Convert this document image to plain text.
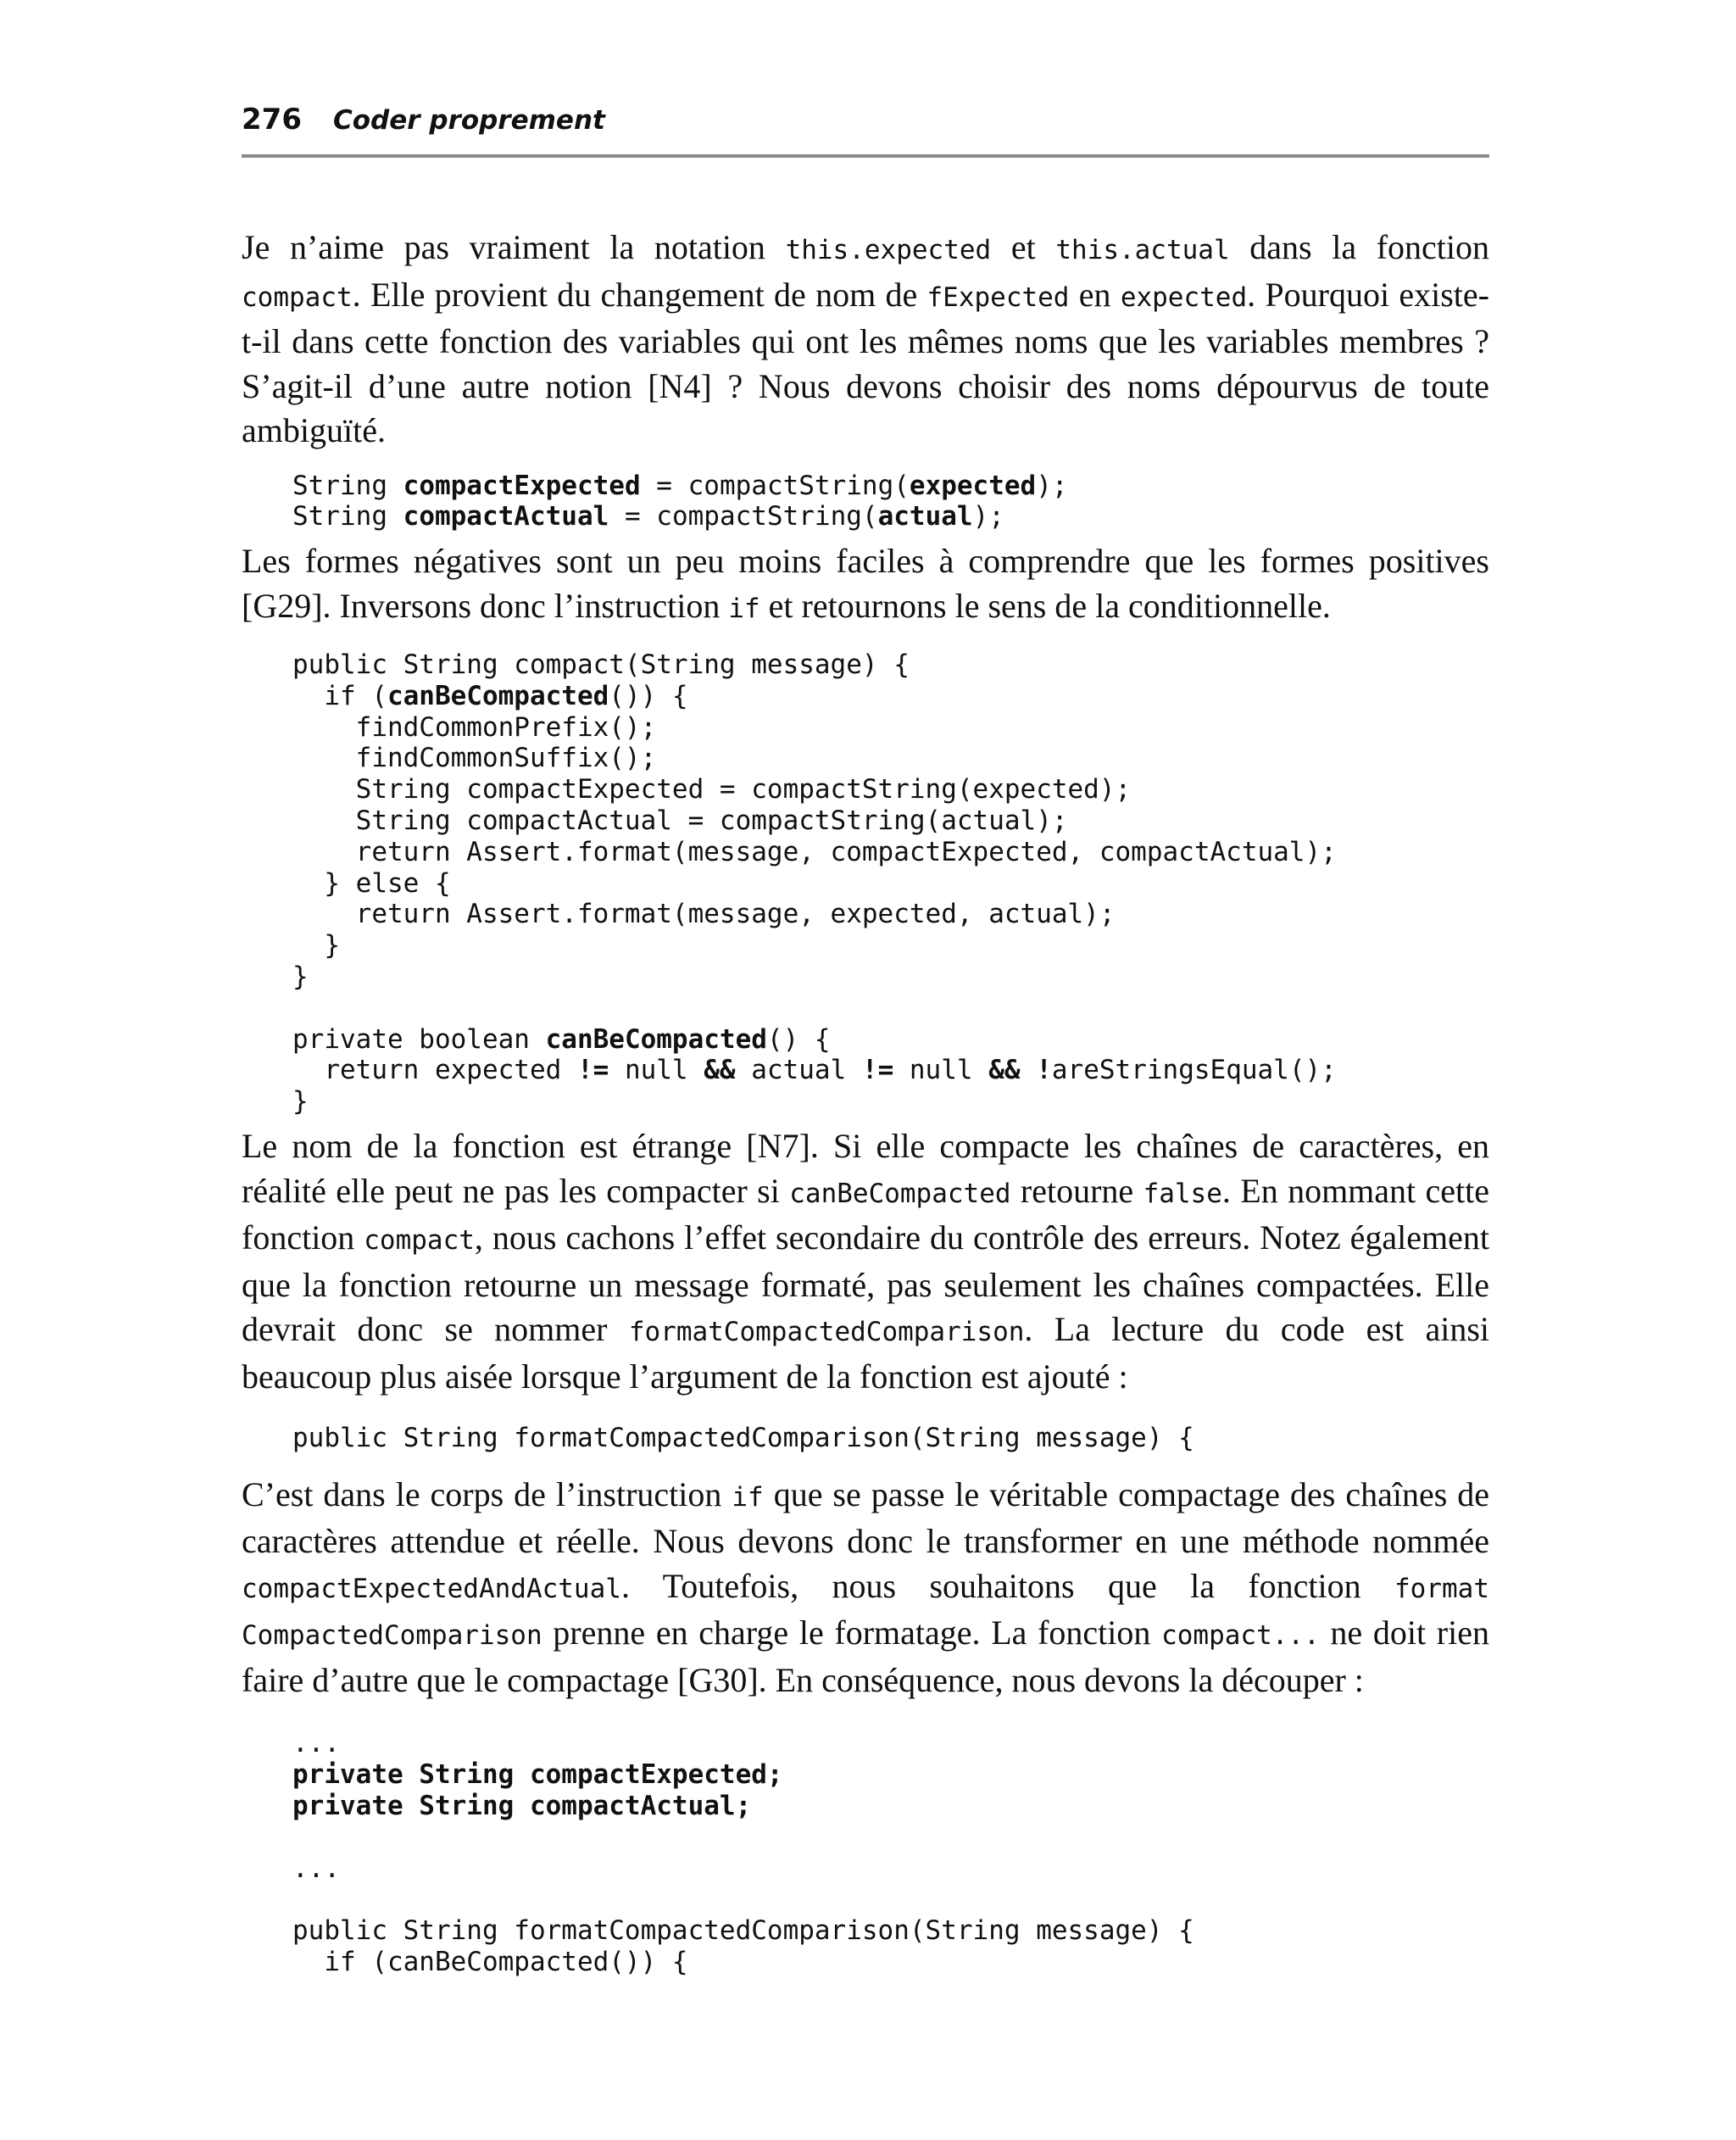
276 Coder proprement

Je n’aime pas vraiment la notation this.expected et this.actual dans la fonction compact. Elle provient du changement de nom de fExpected en expected. Pourquoi existe-t-il dans cette fonction des variables qui ont les mêmes noms que les variables membres ? S’agit-il d’une autre notion [N4] ? Nous devons choisir des noms dépourvus de toute ambiguïté.

String compactExpected = compactString(expected);
String compactActual = compactString(actual);

Les formes négatives sont un peu moins faciles à comprendre que les formes positives [G29]. Inversons donc l’instruction if et retournons le sens de la conditionnelle.

public String compact(String message) {
if (canBeCompacted()) {
findCommonPrefix();
findCommonSuffix();
String compactExpected = compactString(expected);
String compactActual = compactString(actual);
return Assert.format(message, compactExpected, compactActual);
} else {
return Assert.format(message, expected, actual);
}
}

private boolean canBeCompacted() {
return expected != null && actual != null && !areStringsEqual();
}

Le nom de la fonction est étrange [N7]. Si elle compacte les chaînes de caractères, en réalité elle peut ne pas les compacter si canBeCompacted retourne false. En nommant cette fonction compact, nous cachons l’effet secondaire du contrôle des erreurs. Notez également que la fonction retourne un message formaté, pas seulement les chaînes compactées. Elle devrait donc se nommer formatCompactedComparison. La lecture du code est ainsi beaucoup plus aisée lorsque l’argument de la fonction est ajouté :

public String formatCompactedComparison(String message) {

C’est dans le corps de l’instruction if que se passe le véritable compactage des chaînes de caractères attendue et réelle. Nous devons donc le transformer en une méthode nommée compactExpectedAndActual. Toutefois, nous souhaitons que la fonction format CompactedComparison prenne en charge le formatage. La fonction compact... ne doit rien faire d’autre que le compactage [G30]. En conséquence, nous devons la découper :

...
private String compactExpected;
private String compactActual;

...

public String formatCompactedComparison(String message) {
if (canBeCompacted()) {
